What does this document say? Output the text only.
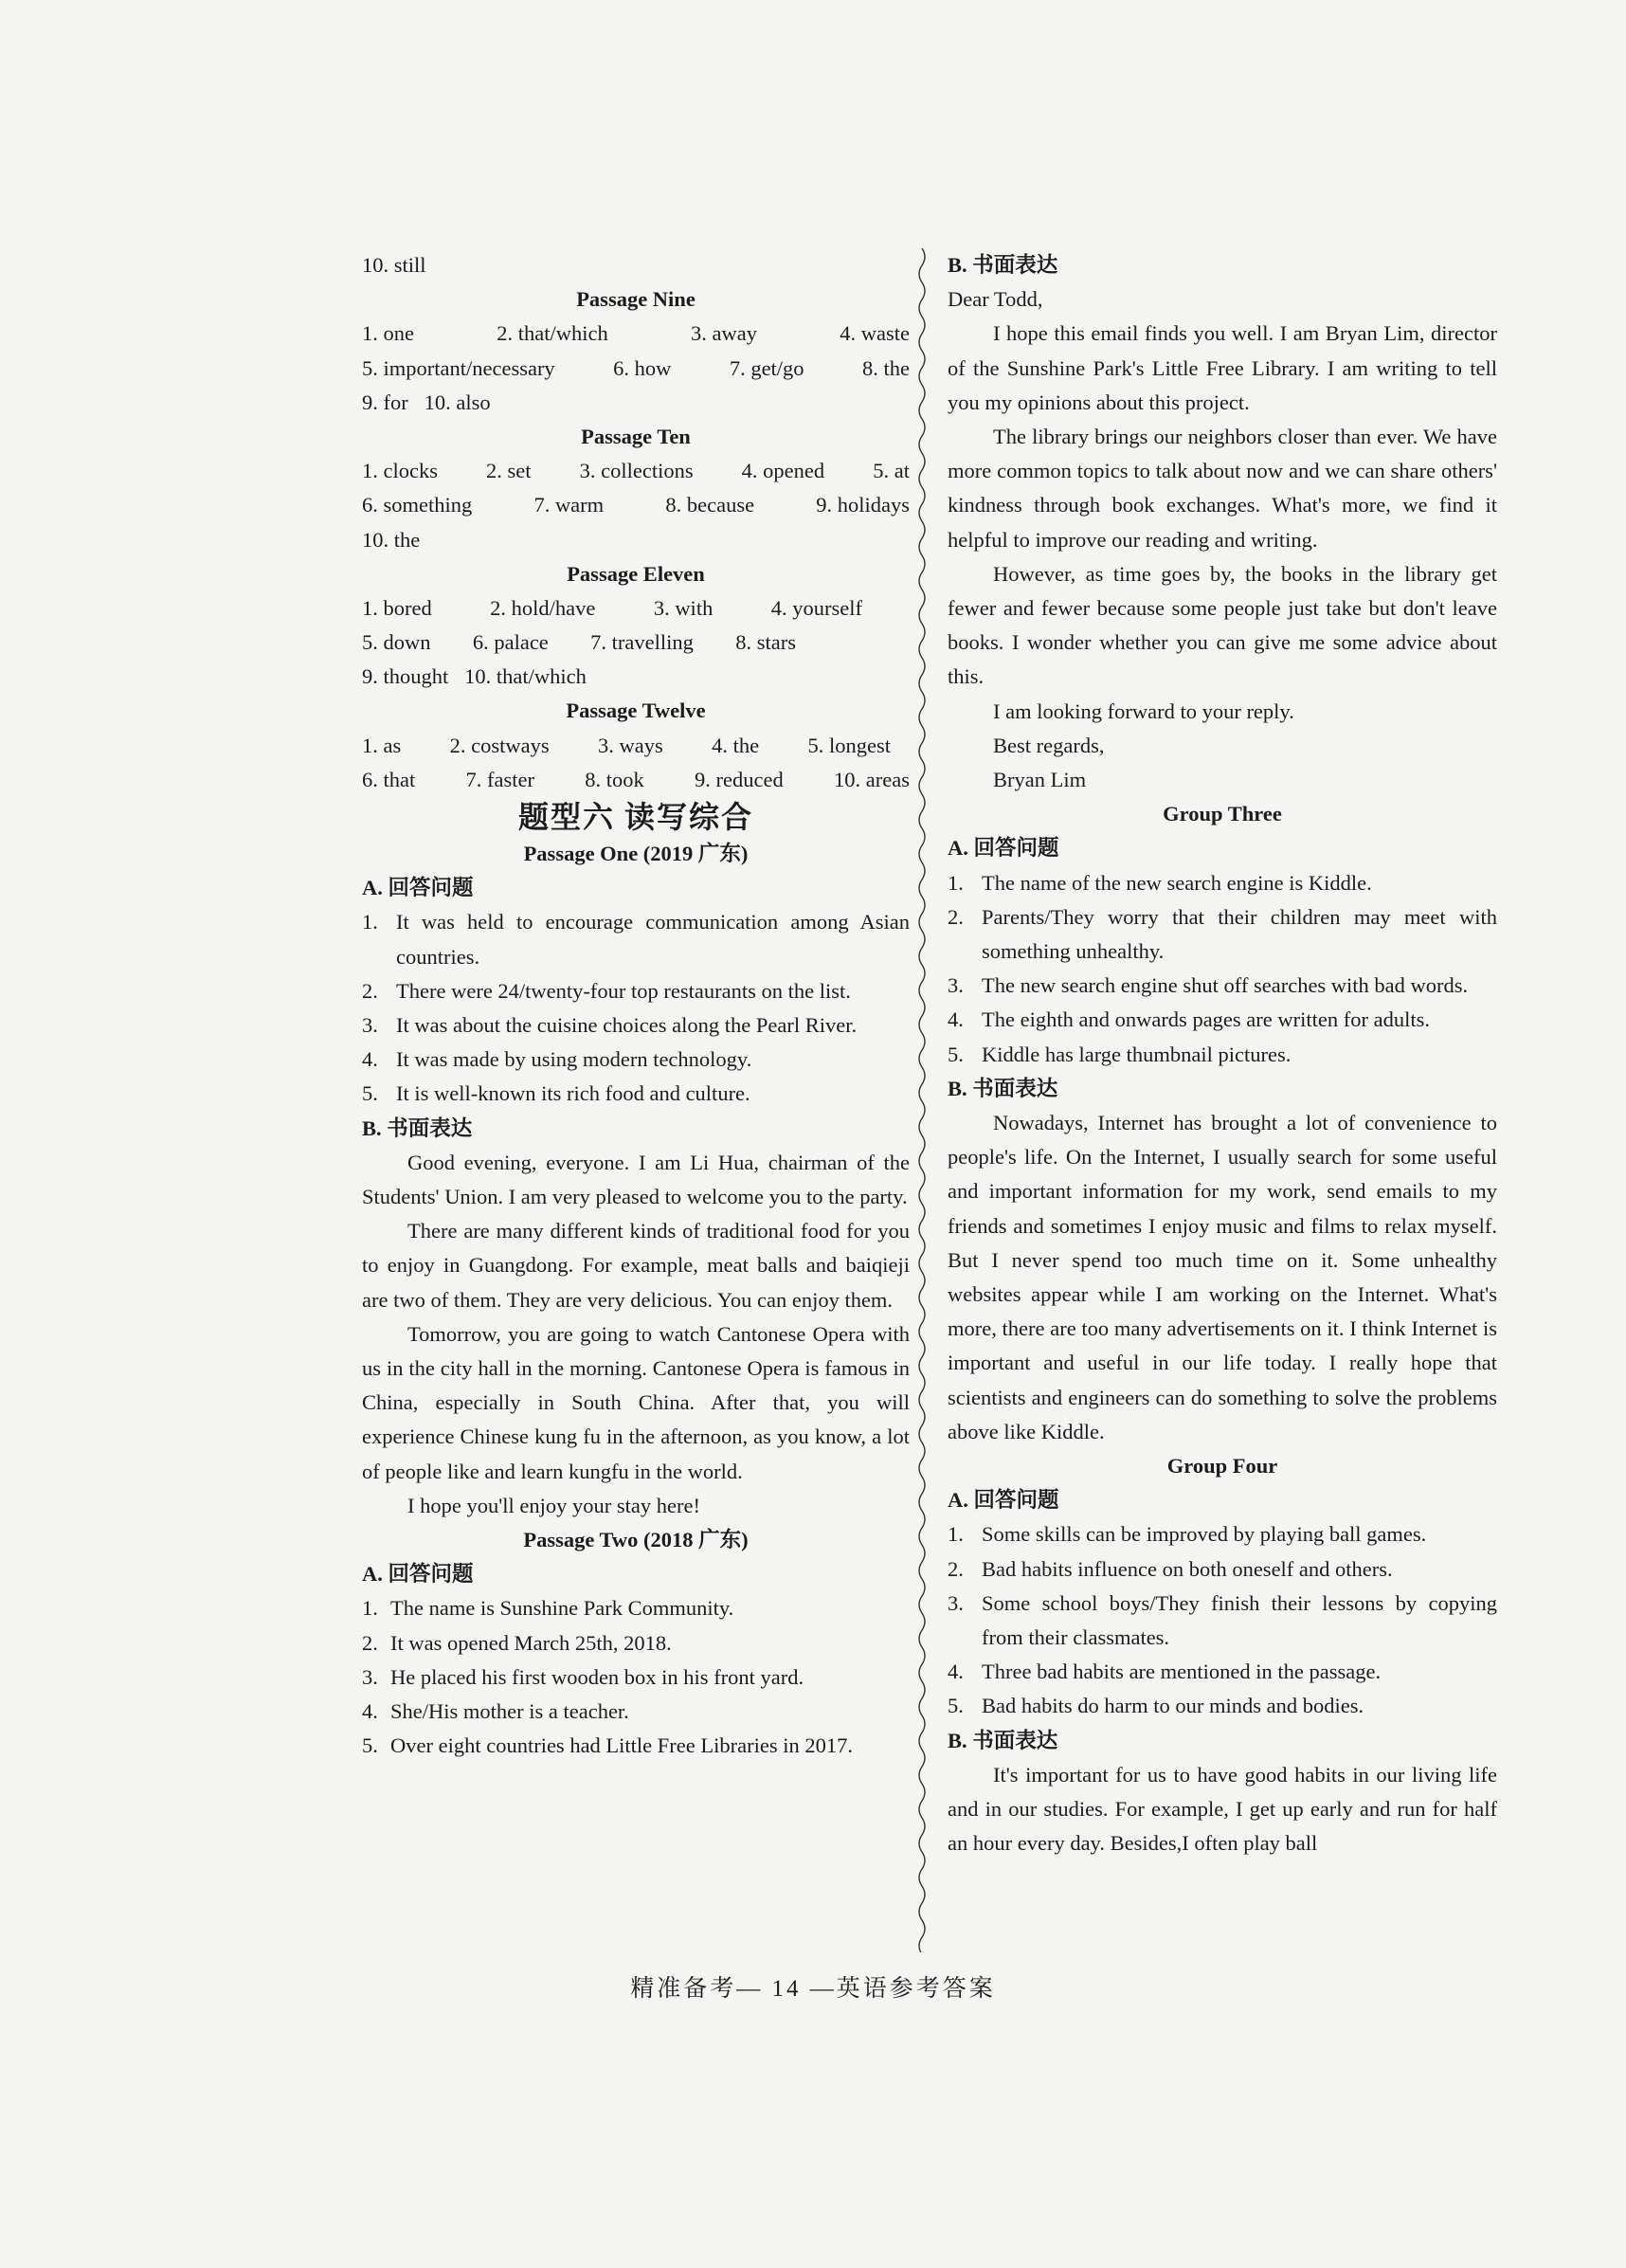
10. still
Passage Nine
1. one	2. that/which	3. away	4. waste
5. important/necessary	6. how	7. get/go	8. the
9. for 10. also
Passage Ten
1. clocks 2. set 3. collections 4. opened 5. at
6. something	7. warm	8. because	9. holidays
10. the
Passage Eleven
1. bored	2. hold/have	3. with	4. yourself
5. down 6. palace 7. travelling 8. stars
9. thought 10. that/which
Passage Twelve
1. as 2. costways 3. ways 4. the 5. longest
6. that 7. faster 8. took 9. reduced 10. areas
题型六 读写综合
Passage One (2019 广东)
A. 回答问题
1. It was held to encourage communication among Asian countries.
2. There were 24/twenty-four top restaurants on the list.
3. It was about the cuisine choices along the Pearl River.
4. It was made by using modern technology.
5. It is well-known its rich food and culture.
B. 书面表达
Good evening, everyone. I am Li Hua, chairman of the Students' Union. I am very pleased to welcome you to the party.
There are many different kinds of traditional food for you to enjoy in Guangdong. For example, meat balls and baiqieji are two of them. They are very delicious. You can enjoy them.
Tomorrow, you are going to watch Cantonese Opera with us in the city hall in the morning. Cantonese Opera is famous in China, especially in South China. After that, you will experience Chinese kung fu in the afternoon, as you know, a lot of people like and learn kungfu in the world.
I hope you'll enjoy your stay here!
Passage Two (2018 广东)
A. 回答问题
1. The name is Sunshine Park Community.
2. It was opened March 25th, 2018.
3. He placed his first wooden box in his front yard.
4. She/His mother is a teacher.
5. Over eight countries had Little Free Libraries in 2017.
B. 书面表达
Dear Todd,
I hope this email finds you well. I am Bryan Lim, director of the Sunshine Park's Little Free Library. I am writing to tell you my opinions about this project.
The library brings our neighbors closer than ever. We have more common topics to talk about now and we can share others' kindness through book exchanges. What's more, we find it helpful to improve our reading and writing.
However, as time goes by, the books in the library get fewer and fewer because some people just take but don't leave books. I wonder whether you can give me some advice about this.
I am looking forward to your reply.
Best regards,
Bryan Lim
Group Three
A. 回答问题
1. The name of the new search engine is Kiddle.
2. Parents/They worry that their children may meet with something unhealthy.
3. The new search engine shut off searches with bad words.
4. The eighth and onwards pages are written for adults.
5. Kiddle has large thumbnail pictures.
B. 书面表达
Nowadays, Internet has brought a lot of convenience to people's life. On the Internet, I usually search for some useful and important information for my work, send emails to my friends and sometimes I enjoy music and films to relax myself. But I never spend too much time on it. Some unhealthy websites appear while I am working on the Internet. What's more, there are too many advertisements on it. I think Internet is important and useful in our life today. I really hope that scientists and engineers can do something to solve the problems above like Kiddle.
Group Four
A. 回答问题
1. Some skills can be improved by playing ball games.
2. Bad habits influence on both oneself and others.
3. Some school boys/They finish their lessons by copying from their classmates.
4. Three bad habits are mentioned in the passage.
5. Bad habits do harm to our minds and bodies.
B. 书面表达
It's important for us to have good habits in our living life and in our studies. For example, I get up early and run for half an hour every day. Besides,I often play ball
精准备考— 14 —英语参考答案
